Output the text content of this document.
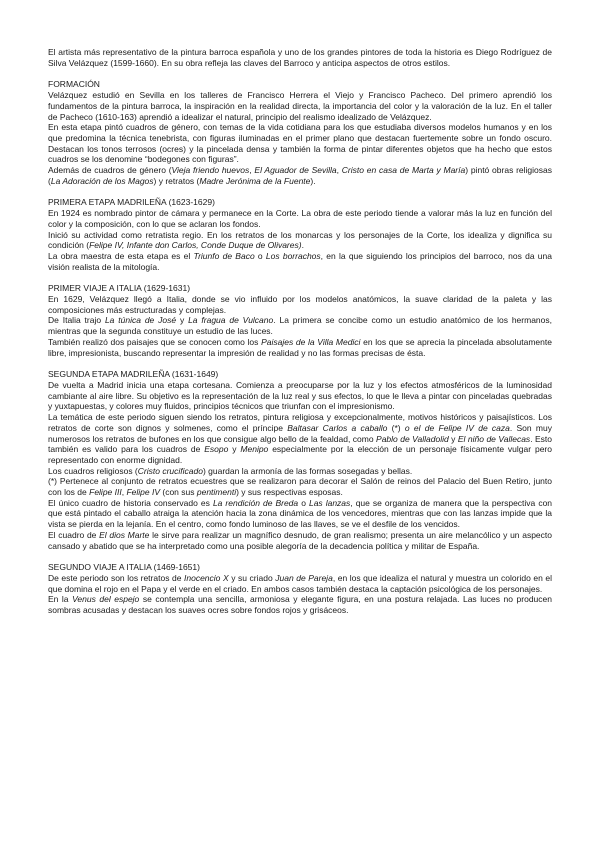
El artista más representativo de la pintura barroca española y uno de los grandes pintores de toda la historia es Diego Rodríguez de Silva Velázquez (1599-1660). En su obra refleja las claves del Barroco y anticipa aspectos de otros estilos.

FORMACIÓN

Velázquez estudió en Sevilla en los talleres de Francisco Herrera el Viejo y Francisco Pacheco. Del primero aprendió los fundamentos de la pintura barroca, la inspiración en la realidad directa, la importancia del color y la valoración de la luz. En el taller de Pacheco (1610-163) aprendió a idealizar el natural, principio del realismo idealizado de Velázquez.

En esta etapa pintó cuadros de género, con temas de la vida cotidiana para los que estudiaba diversos modelos humanos y en los que predomina la técnica tenebrista, con figuras iluminadas en el primer plano que destacan fuertemente sobre un fondo oscuro. Destacan los tonos terrosos (ocres) y la pincelada densa y también la forma de pintar diferentes objetos que ha hecho que estos cuadros se los denomine “bodegones con figuras”.

Además de cuadros de género (Vieja friendo huevos, El Aguador de Sevilla, Cristo en casa de Marta y María) pintó obras religiosas (La Adoración de los Magos) y retratos (Madre Jerónima de la Fuente).

PRIMERA ETAPA MADRILEÑA (1623-1629)

En 1924 es nombrado pintor de cámara y permanece en la Corte. La obra de este periodo tiende a valorar más la luz en función del color y la composición, con lo que se aclaran los fondos.

Inició su actividad como retratista regio. En los retratos de los monarcas y los personajes de la Corte, los idealiza y dignifica su condición (Felipe IV, Infante don Carlos, Conde Duque de Olivares).

La obra maestra de esta etapa es el Triunfo de Baco o Los borrachos, en la que siguiendo los principios del barroco, nos da una visión realista de la mitología.

PRIMER VIAJE A ITALIA (1629-1631)

En 1629, Velázquez llegó a Italia, donde se vio influido por los modelos anatómicos, la suave claridad de la paleta y las composiciones más estructuradas y complejas.

De Italia trajo La túnica de José y La fragua de Vulcano. La primera se concibe como un estudio anatómico de los hermanos, mientras que la segunda constituye un estudio de las luces.

También realizó dos paisajes que se conocen como los Paisajes de la Villa Medici en los que se aprecia la pincelada absolutamente libre, impresionista, buscando representar la impresión de realidad y no las formas precisas de ésta.

SEGUNDA ETAPA MADRILEÑA (1631-1649)

De vuelta a Madrid inicia una etapa cortesana. Comienza a preocuparse por la luz y los efectos atmosféricos de la luminosidad cambiante al aire libre. Su objetivo es la representación de la luz real y sus efectos, lo que le lleva a pintar con pinceladas quebradas y yuxtapuestas, y colores muy fluidos, principios técnicos que triunfan con el impresionismo.

La temática de este periodo siguen siendo los retratos, pintura religiosa y excepcionalmente, motivos históricos y paisajísticos. Los retratos de corte son dignos y solmenes, como el príncipe Baltasar Carlos a caballo (*) o el de Felipe IV de caza. Son muy numerosos los retratos de bufones en los que consigue algo bello de la fealdad, como Pablo de Valladolid y El niño de Vallecas. Esto también es valido para los cuadros de Esopo y Menipo especialmente por la elección de un personaje físicamente vulgar pero representado con enorme dignidad.

Los cuadros religiosos (Cristo crucificado) guardan la armonía de las formas sosegadas y bellas.

(*) Pertenece al conjunto de retratos ecuestres que se realizaron para decorar el Salón de reinos del Palacio del Buen Retiro, junto con los de Felipe III, Felipe IV (con sus pentimenti) y sus respectivas esposas.

El único cuadro de historia conservado es La rendición de Breda o Las lanzas, que se organiza de manera que la perspectiva con que está pintado el caballo atraiga la atención hacia la zona dinámica de los vencedores, mientras que con las lanzas impide que la vista se pierda en la lejanía. En el centro, como fondo luminoso de las llaves, se ve el desfile de los vencidos.

El cuadro de El dios Marte le sirve para realizar un magnífico desnudo, de gran realismo; presenta un aire melancólico y un aspecto cansado y abatido que se ha interpretado como una posible alegoría de la decadencia política y militar de España.

SEGUNDO VIAJE A ITALIA (1469-1651)

De este periodo son los retratos de Inocencio X y su criado Juan de Pareja, en los que idealiza el natural y muestra un colorido en el que domina el rojo en el Papa y el verde en el criado. En ambos casos también destaca la captación psicológica de los personajes.

En la Venus del espejo se contempla una sencilla, armoniosa y elegante figura, en una postura relajada. Las luces no producen sombras acusadas y destacan los suaves ocres sobre fondos rojos y grisáceos.
